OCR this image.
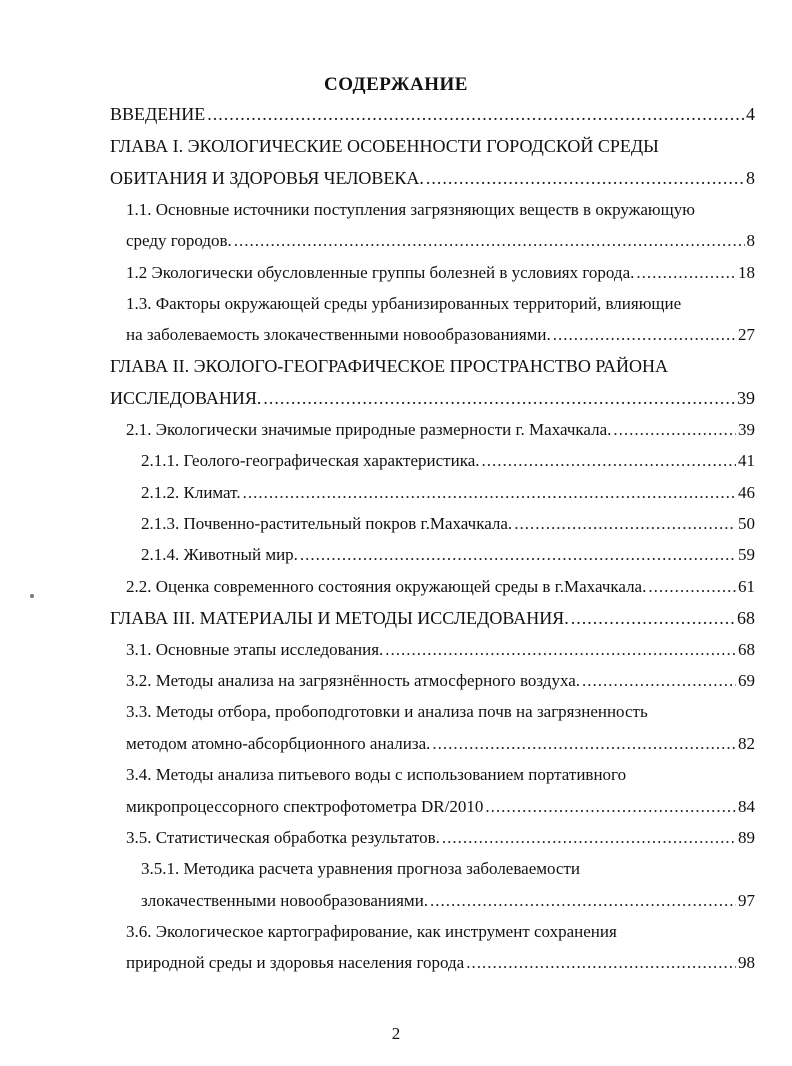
СОДЕРЖАНИЕ
ВВЕДЕНИЕ .....	4
ГЛАВА I. ЭКОЛОГИЧЕСКИЕ ОСОБЕННОСТИ ГОРОДСКОЙ СРЕДЫ
ОБИТАНИЯ И ЗДОРОВЬЯ ЧЕЛОВЕКА. .....	8
1.1. Основные источники поступления загрязняющих веществ в окружающую
среду городов. .....	8
1.2 Экологически обусловленные группы болезней в условиях города. .....	18
1.3. Факторы окружающей среды урбанизированных территорий, влияющие
на заболеваемость злокачественными новообразованиями. .....	27
ГЛАВА II. ЭКОЛОГО-ГЕОГРАФИЧЕСКОЕ ПРОСТРАНСТВО РАЙОНА
ИССЛЕДОВАНИЯ. .....	39
2.1. Экологически значимые природные размерности г. Махачкала. .....	39
2.1.1. Геолого-географическая характеристика. .....	41
2.1.2. Климат. .....	46
2.1.3. Почвенно-растительный покров г.Махачкала. .....	50
2.1.4. Животный мир. .....	59
2.2. Оценка современного состояния окружающей среды в г.Махачкала. .....	61
ГЛАВА III. МАТЕРИАЛЫ И МЕТОДЫ ИССЛЕДОВАНИЯ. .....	68
3.1. Основные этапы исследования. .....	68
3.2. Методы анализа на загрязнённость атмосферного воздуха. .....	69
3.3. Методы отбора, пробоподготовки и анализа почв на загрязненность
методом атомно-абсорбционного анализа. .....	82
3.4. Методы анализа питьевого воды с использованием портативного
микропроцессорного спектрофотометра DR/2010 .....	84
3.5. Статистическая обработка результатов. .....	89
3.5.1. Методика расчета уравнения прогноза заболеваемости
злокачественными новообразованиями. .....	97
3.6. Экологическое картографирование, как инструмент сохранения
природной среды и здоровья населения города .....	98
2
